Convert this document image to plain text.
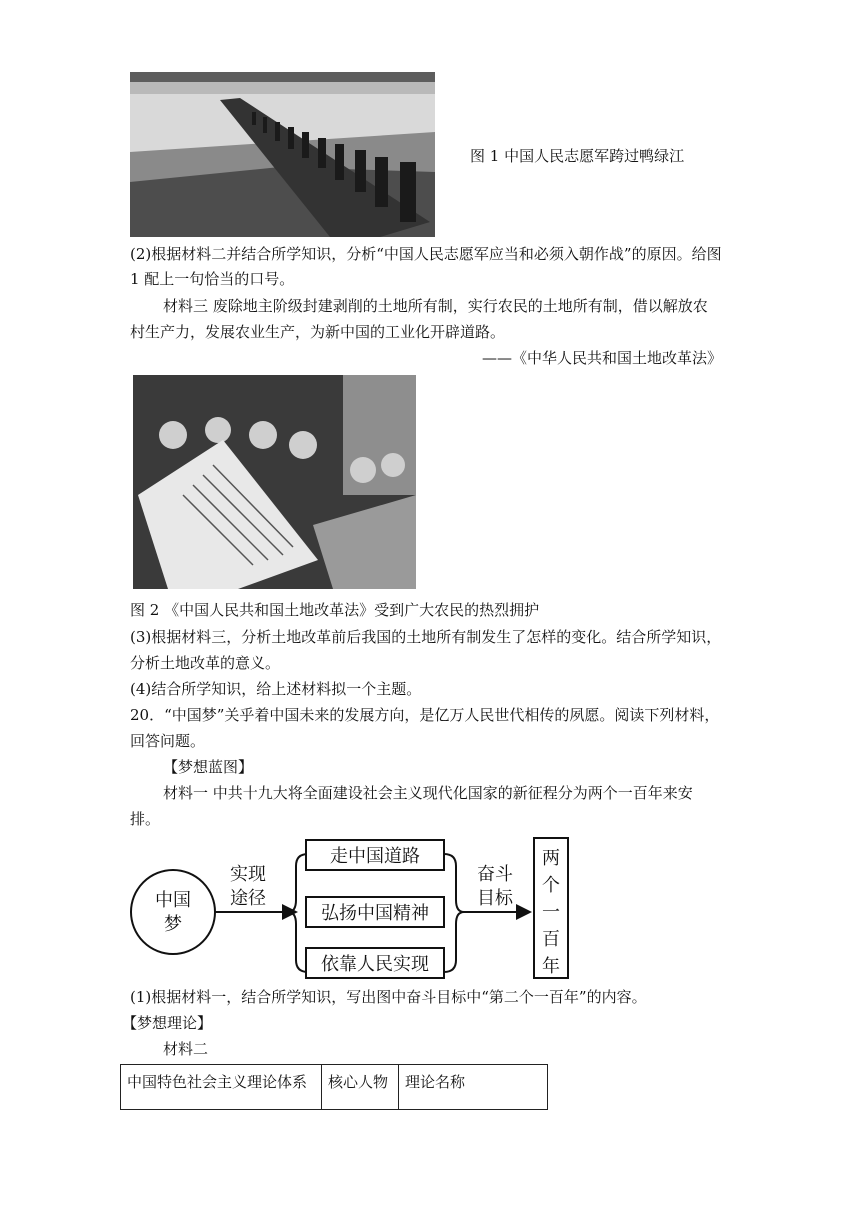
图 1 中国人民志愿军跨过鸭绿江
(2)根据材料二并结合所学知识，分析“中国人民志愿军应当和必须入朝作战”的原因。给图
1 配上一句恰当的口号。
材料三 废除地主阶级封建剥削的土地所有制，实行农民的土地所有制，借以解放农
村生产力，发展农业生产，为新中国的工业化开辟道路。
——《中华人民共和国土地改革法》
图 2 《中国人民共和国土地改革法》受到广大农民的热烈拥护
(3)根据材料三，分析土地改革前后我国的土地所有制发生了怎样的变化。结合所学知识，
分析土地改革的意义。
(4)结合所学知识，给上述材料拟一个主题。
20．“中国梦”关乎着中国未来的发展方向，是亿万人民世代相传的夙愿。阅读下列材料，
回答问题。
【梦想蓝图】
材料一 中共十九大将全面建设社会主义现代化国家的新征程分为两个一百年来安
排。
中国
梦
实现
途径
走中国道路
弘扬中国精神
依靠人民实现
奋斗
目标
两
个
一
百
年
(1)根据材料一，结合所学知识，写出图中奋斗目标中“第二个一百年”的内容。
【梦想理论】
材料二
中国特色社会主义理论体系	核心人物	理论名称
